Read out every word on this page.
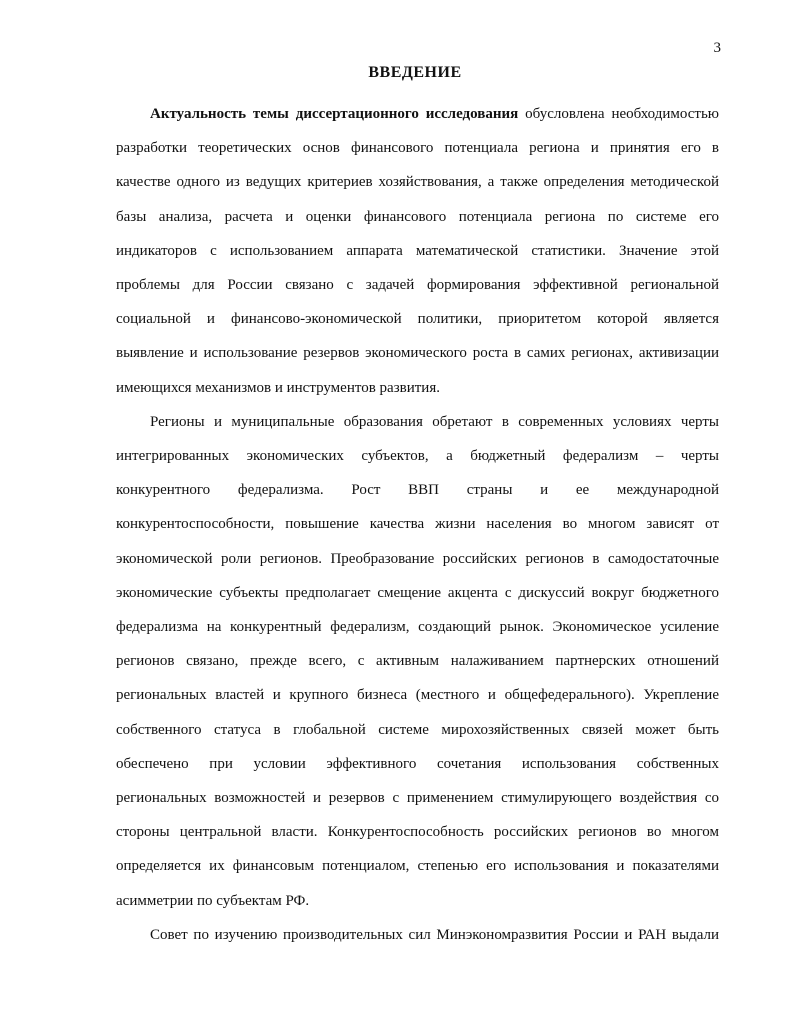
3
ВВЕДЕНИЕ
Актуальность темы диссертационного исследования обусловлена необходимостью
разработки теоретических основ финансового потенциала региона и принятия его в
качестве одного из ведущих критериев хозяйствования, а также определения методической
базы анализа, расчета и оценки финансового потенциала региона по системе его
индикаторов с использованием аппарата математической статистики. Значение этой
проблемы для России связано с задачей формирования эффективной региональной
социальной и финансово-экономической политики, приоритетом которой является
выявление и использование резервов экономического роста в самих регионах, активизации
имеющихся механизмов и инструментов развития.
Регионы и муниципальные образования обретают в современных условиях черты
интегрированных экономических субъектов, а бюджетный федерализм – черты
конкурентного федерализма. Рост ВВП страны и ее международной
конкурентоспособности, повышение качества жизни населения во многом зависят от
экономической роли регионов. Преобразование российских регионов в самодостаточные
экономические субъекты предполагает смещение акцента с дискуссий вокруг бюджетного
федерализма на конкурентный федерализм, создающий рынок. Экономическое усиление
регионов связано, прежде всего, с активным налаживанием партнерских отношений
региональных властей и крупного бизнеса (местного и общефедерального). Укрепление
собственного статуса в глобальной системе мирохозяйственных связей может быть
обеспечено при условии эффективного сочетания использования собственных
региональных возможностей и резервов с применением стимулирующего воздействия со
стороны центральной власти. Конкурентоспособность российских регионов во многом
определяется их финансовым потенциалом, степенью его использования и показателями
асимметрии по субъектам РФ.
Совет по изучению производительных сил Минэкономразвития России и РАН выдали
